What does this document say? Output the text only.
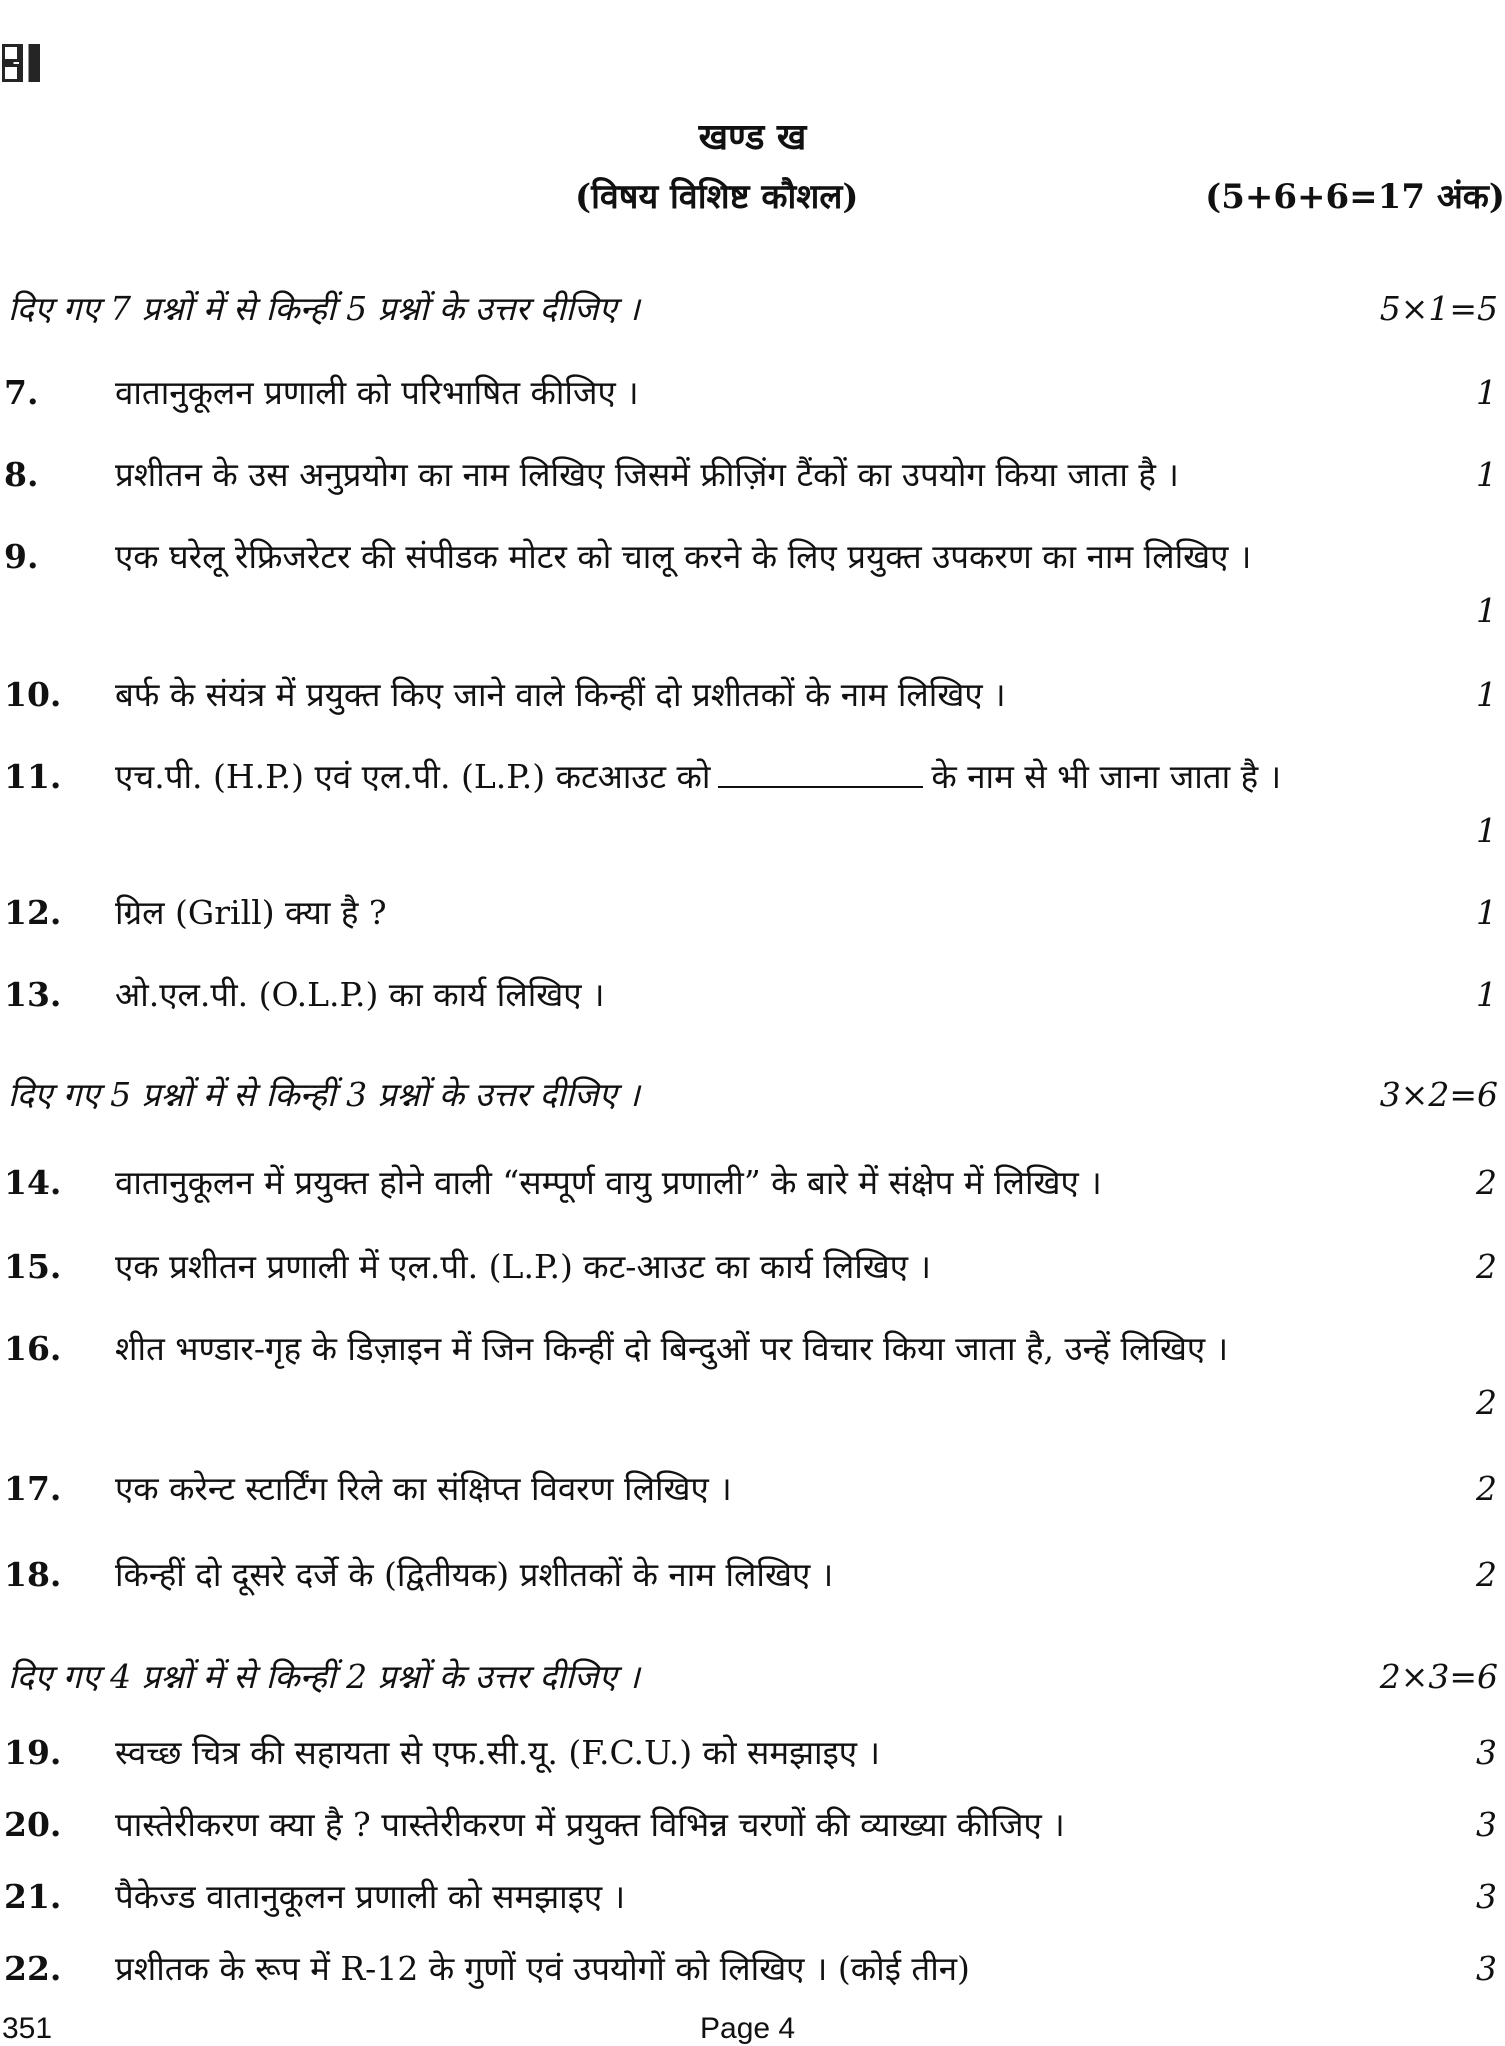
खण्ड ख
(विषय विशिष्ट कौशल)	(5+6+6=17 अंक)
दिए गए 7 प्रश्नों में से किन्हीं 5 प्रश्नों के उत्तर दीजिए ।	5×1=5
7. वातानुकूलन प्रणाली को परिभाषित कीजिए ।	1
8. प्रशीतन के उस अनुप्रयोग का नाम लिखिए जिसमें फ्रीज़िंग टैंकों का उपयोग किया जाता है ।	1
9. एक घरेलू रेफ्रिजरेटर की संपीडक मोटर को चालू करने के लिए प्रयुक्त उपकरण का नाम लिखिए ।
1
10. बर्फ के संयंत्र में प्रयुक्त किए जाने वाले किन्हीं दो प्रशीतकों के नाम लिखिए ।	1
11. एच.पी. (H.P.) एवं एल.पी. (L.P.) कटआउट को	के नाम से भी जाना जाता है ।
1
12. ग्रिल (Grill) क्या है ?	1
13. ओ.एल.पी. (O.L.P.) का कार्य लिखिए ।	1
दिए गए 5 प्रश्नों में से किन्हीं 3 प्रश्नों के उत्तर दीजिए ।	3×2=6
14. वातानुकूलन में प्रयुक्त होने वाली “सम्पूर्ण वायु प्रणाली” के बारे में संक्षेप में लिखिए ।	2
15. एक प्रशीतन प्रणाली में एल.पी. (L.P.) कट-आउट का कार्य लिखिए ।	2
16. शीत भण्डार-गृह के डिज़ाइन में जिन किन्हीं दो बिन्दुओं पर विचार किया जाता है, उन्हें लिखिए ।
2
17. एक करेन्ट स्टार्टिंग रिले का संक्षिप्त विवरण लिखिए ।	2
18. किन्हीं दो दूसरे दर्जे के (द्वितीयक) प्रशीतकों के नाम लिखिए ।	2
दिए गए 4 प्रश्नों में से किन्हीं 2 प्रश्नों के उत्तर दीजिए ।	2×3=6
19. स्वच्छ चित्र की सहायता से एफ.सी.यू. (F.C.U.) को समझाइए ।	3
20. पास्तेरीकरण क्या है ? पास्तेरीकरण में प्रयुक्त विभिन्न चरणों की व्याख्या कीजिए ।	3
21. पैकेज्ड वातानुकूलन प्रणाली को समझाइए ।	3
22. प्रशीतक के रूप में R-12 के गुणों एवं उपयोगों को लिखिए । (कोई तीन)	3
351	Page 4
